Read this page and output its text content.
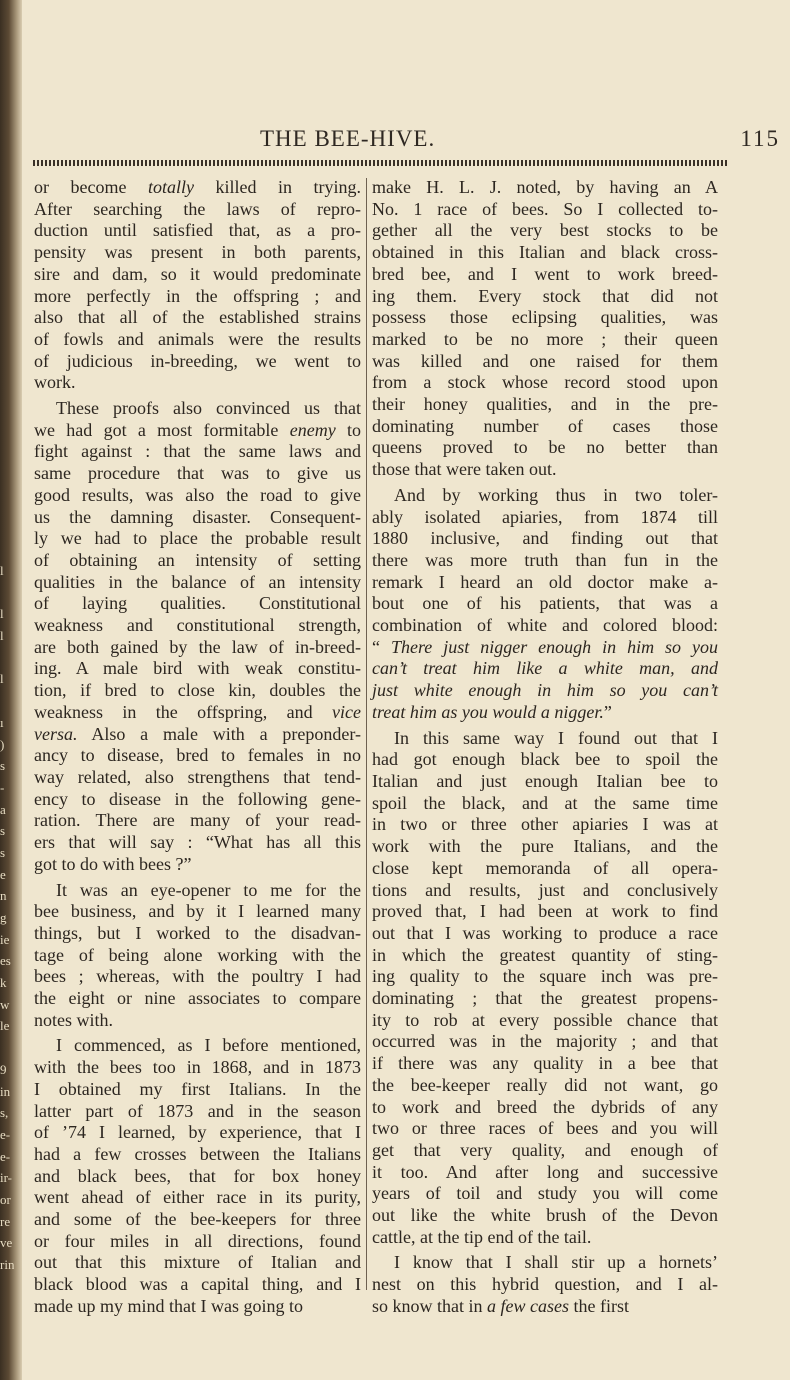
l
l
l
l
ı
)
s
-
a
s
s
e
n
g
ie
es
k
w
le
9
in
s,
e-
e-
ir-
or
re
ve
rin
THE BEE-HIVE.	115

or become totally killed in trying.
After searching the laws of repro-
duction until satisfied that, as a pro-
pensity was present in both parents,
sire and dam, so it would predominate
more perfectly in the offspring ; and
also that all of the established strains
of fowls and animals were the results
of judicious in-breeding, we went to
work.

These proofs also convinced us that
we had got a most formitable enemy to
fight against : that the same laws and
same procedure that was to give us
good results, was also the road to give
us the damning disaster. Consequent-
ly we had to place the probable result
of obtaining an intensity of setting
qualities in the balance of an intensity
of laying qualities. Constitutional
weakness and constitutional strength,
are both gained by the law of in-breed-
ing. A male bird with weak constitu-
tion, if bred to close kin, doubles the
weakness in the offspring, and vice
versa. Also a male with a preponder-
ancy to disease, bred to females in no
way related, also strengthens that tend-
ency to disease in the following gene-
ration. There are many of your read-
ers that will say : “What has all this
got to do with bees ?”

It was an eye-opener to me for the
bee business, and by it I learned many
things, but I worked to the disadvan-
tage of being alone working with the
bees ; whereas, with the poultry I had
the eight or nine associates to compare
notes with.

I commenced, as I before mentioned,
with the bees too in 1868, and in 1873
I obtained my first Italians. In the
latter part of 1873 and in the season
of ’74 I learned, by experience, that I
had a few crosses between the Italians
and black bees, that for box honey
went ahead of either race in its purity,
and some of the bee-keepers for three
or four miles in all directions, found
out that this mixture of Italian and
black blood was a capital thing, and I
made up my mind that I was going to

make H. L. J. noted, by having an A
No. 1 race of bees. So I collected to-
gether all the very best stocks to be
obtained in this Italian and black cross-
bred bee, and I went to work breed-
ing them. Every stock that did not
possess those eclipsing qualities, was
marked to be no more ; their queen
was killed and one raised for them
from a stock whose record stood upon
their honey qualities, and in the pre-
dominating number of cases those
queens proved to be no better than
those that were taken out.

And by working thus in two toler-
ably isolated apiaries, from 1874 till
1880 inclusive, and finding out that
there was more truth than fun in the
remark I heard an old doctor make a-
bout one of his patients, that was a
combination of white and colored blood:
“ There just nigger enough in him so you
can’t treat him like a white man, and
just white enough in him so you can’t
treat him as you would a nigger.”

In this same way I found out that I
had got enough black bee to spoil the
Italian and just enough Italian bee to
spoil the black, and at the same time
in two or three other apiaries I was at
work with the pure Italians, and the
close kept memoranda of all opera-
tions and results, just and conclusively
proved that, I had been at work to find
out that I was working to produce a race
in which the greatest quantity of sting-
ing quality to the square inch was pre-
dominating ; that the greatest propens-
ity to rob at every possible chance that
occurred was in the majority ; and that
if there was any quality in a bee that
the bee-keeper really did not want, go
to work and breed the dybrids of any
two or three races of bees and you will
get that very quality, and enough of
it too. And after long and successive
years of toil and study you will come
out like the white brush of the Devon
cattle, at the tip end of the tail.

I know that I shall stir up a hornets’
nest on this hybrid question, and I al-
so know that in a few cases the first
